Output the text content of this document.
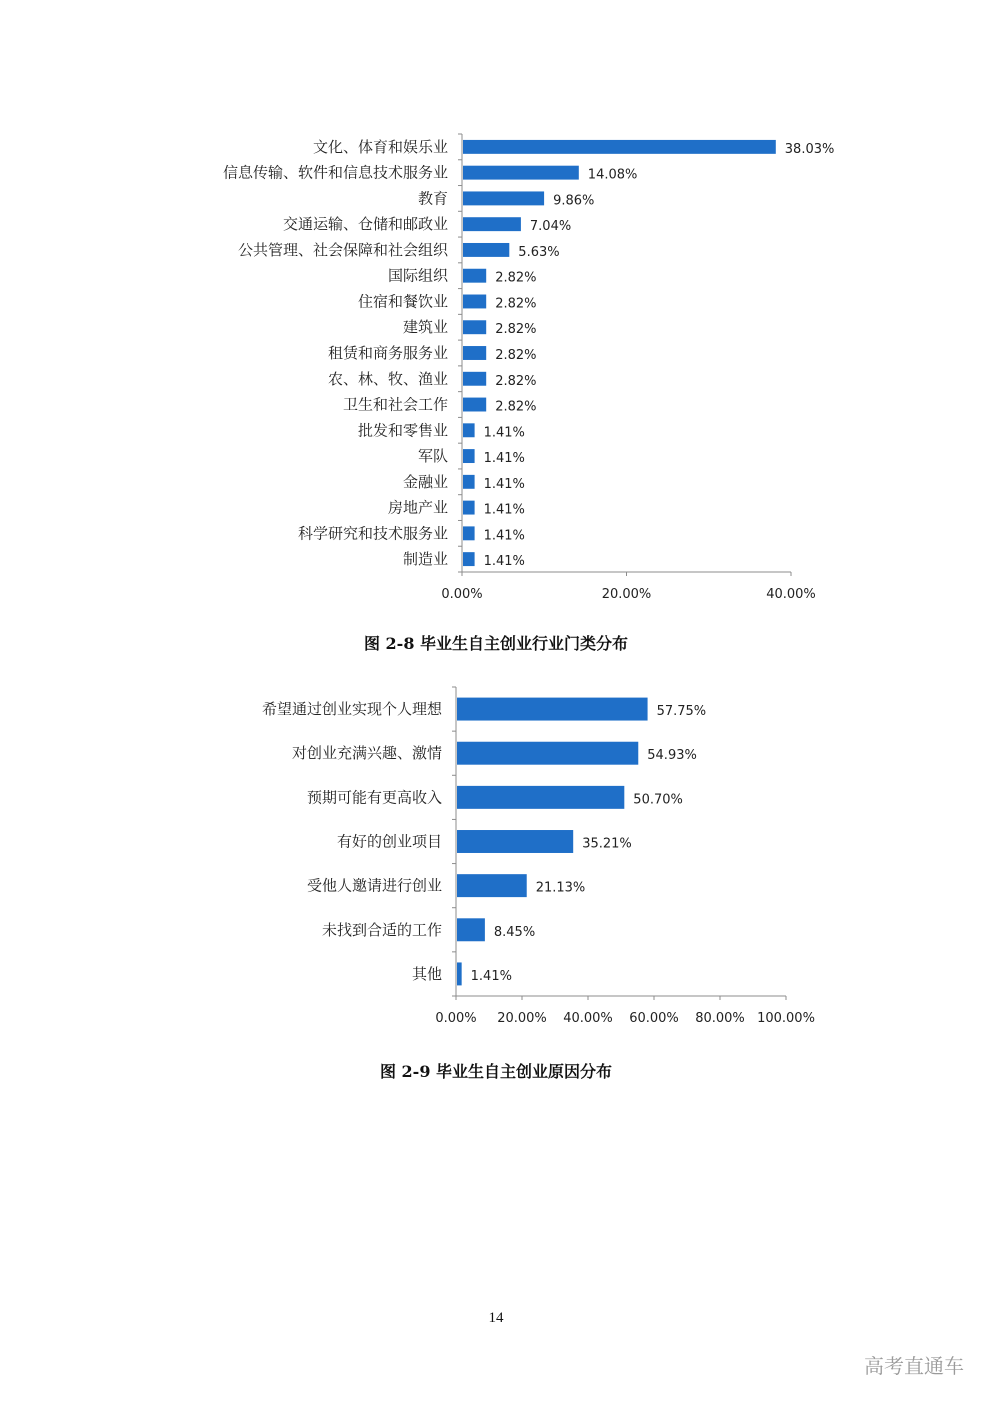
0.00%	20.00%	40.00%
文化、体育和娱乐业	38.03%
信息传输、软件和信息技术服务业	14.08%
教育	9.86%
交通运输、仓储和邮政业	7.04%
公共管理、社会保障和社会组织	5.63%
国际组织	2.82%
住宿和餐饮业	2.82%
建筑业	2.82%
租赁和商务服务业	2.82%
农、林、牧、渔业	2.82%
卫生和社会工作	2.82%
批发和零售业	1.41%
军队	1.41%
金融业	1.41%
房地产业	1.41%
科学研究和技术服务业	1.41%
制造业	1.41%
0.00% 20.00% 40.00% 60.00% 80.00% 100.00%
希望通过创业实现个人理想	57.75%
对创业充满兴趣、激情	54.93%
预期可能有更高收入	50.70%
有好的创业项目	35.21%
受他人邀请进行创业	21.13%
未找到合适的工作	8.45%
其他 1.41%
图 2-8 毕业生自主创业行业门类分布
图 2-9 毕业生自主创业原因分布
14
高考直通车
